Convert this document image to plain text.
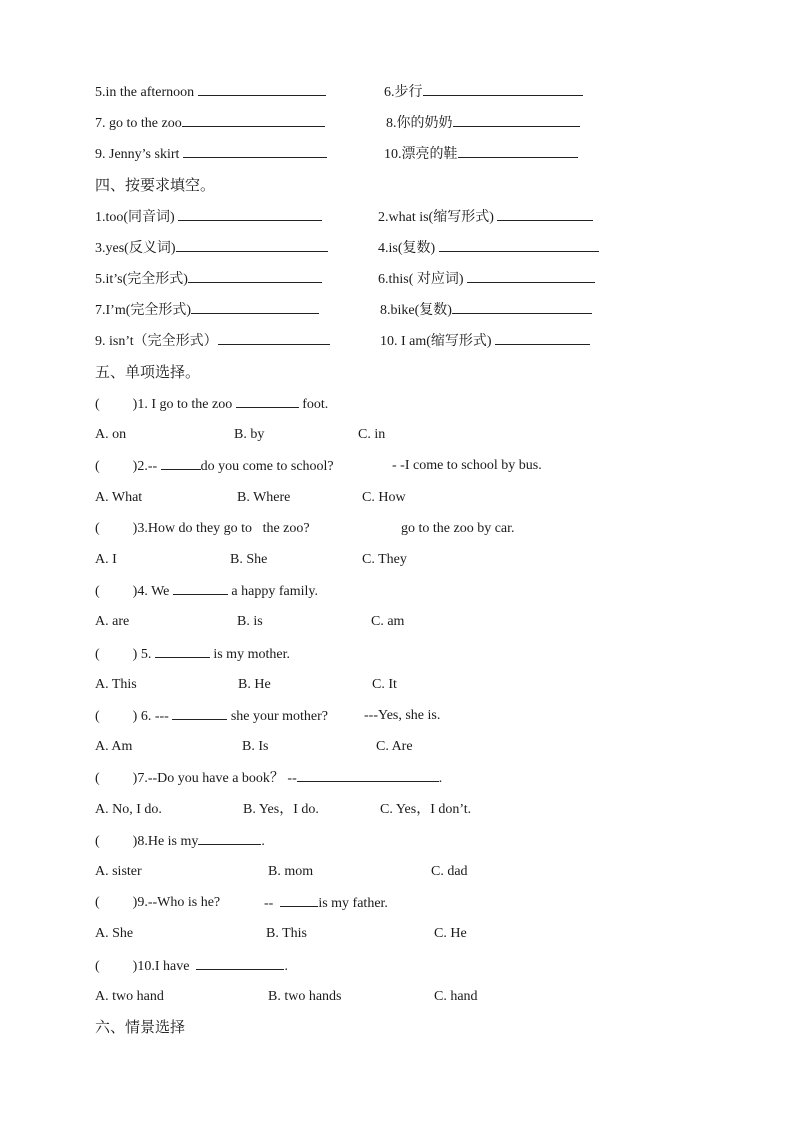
5.in the afternoon	6.步行
7. go to the zoo	8.你的奶奶
9. Jenny’s skirt	10.漂亮的鞋
四、按要求填空。
1.too(同音词)	2.what is(缩写形式)
3.yes(反义词)	4.is(复数)
5.it’s(完全形式)	6.this( 对应词)
7.I’m(完全形式)	8.bike(复数)
9. isn’t（完全形式）	10. I am(缩写形式)
五、单项选择。
( )1. I go to the zoo	foot.
A. on	B. by	C. in
( )2.--	do you come to school?	- -I come to school by bus.
A. What	B. Where	C. How
( )3.How do they go to the zoo?	go to the zoo by car.
A. I	B. She	C. They
( )4. We	a happy family.
A. are	B. is	C. am
( ) 5.	is my mother.
A. This	B. He	C. It
( ) 6. ---	she your mother?	---Yes, she is.
A. Am	B. Is	C. Are
( )7.--Do you have a book？ --	.
A. No, I do.	B. Yes，I do.	C. Yes，I don’t.
( )8.He is my	.
A. sister	B. mom	C. dad
( )9.--Who is he?	--	is my father.
A. She	B. This	C. He
( )10.I have	.
A. two hand	B. two hands	C. hand
六、情景选择
